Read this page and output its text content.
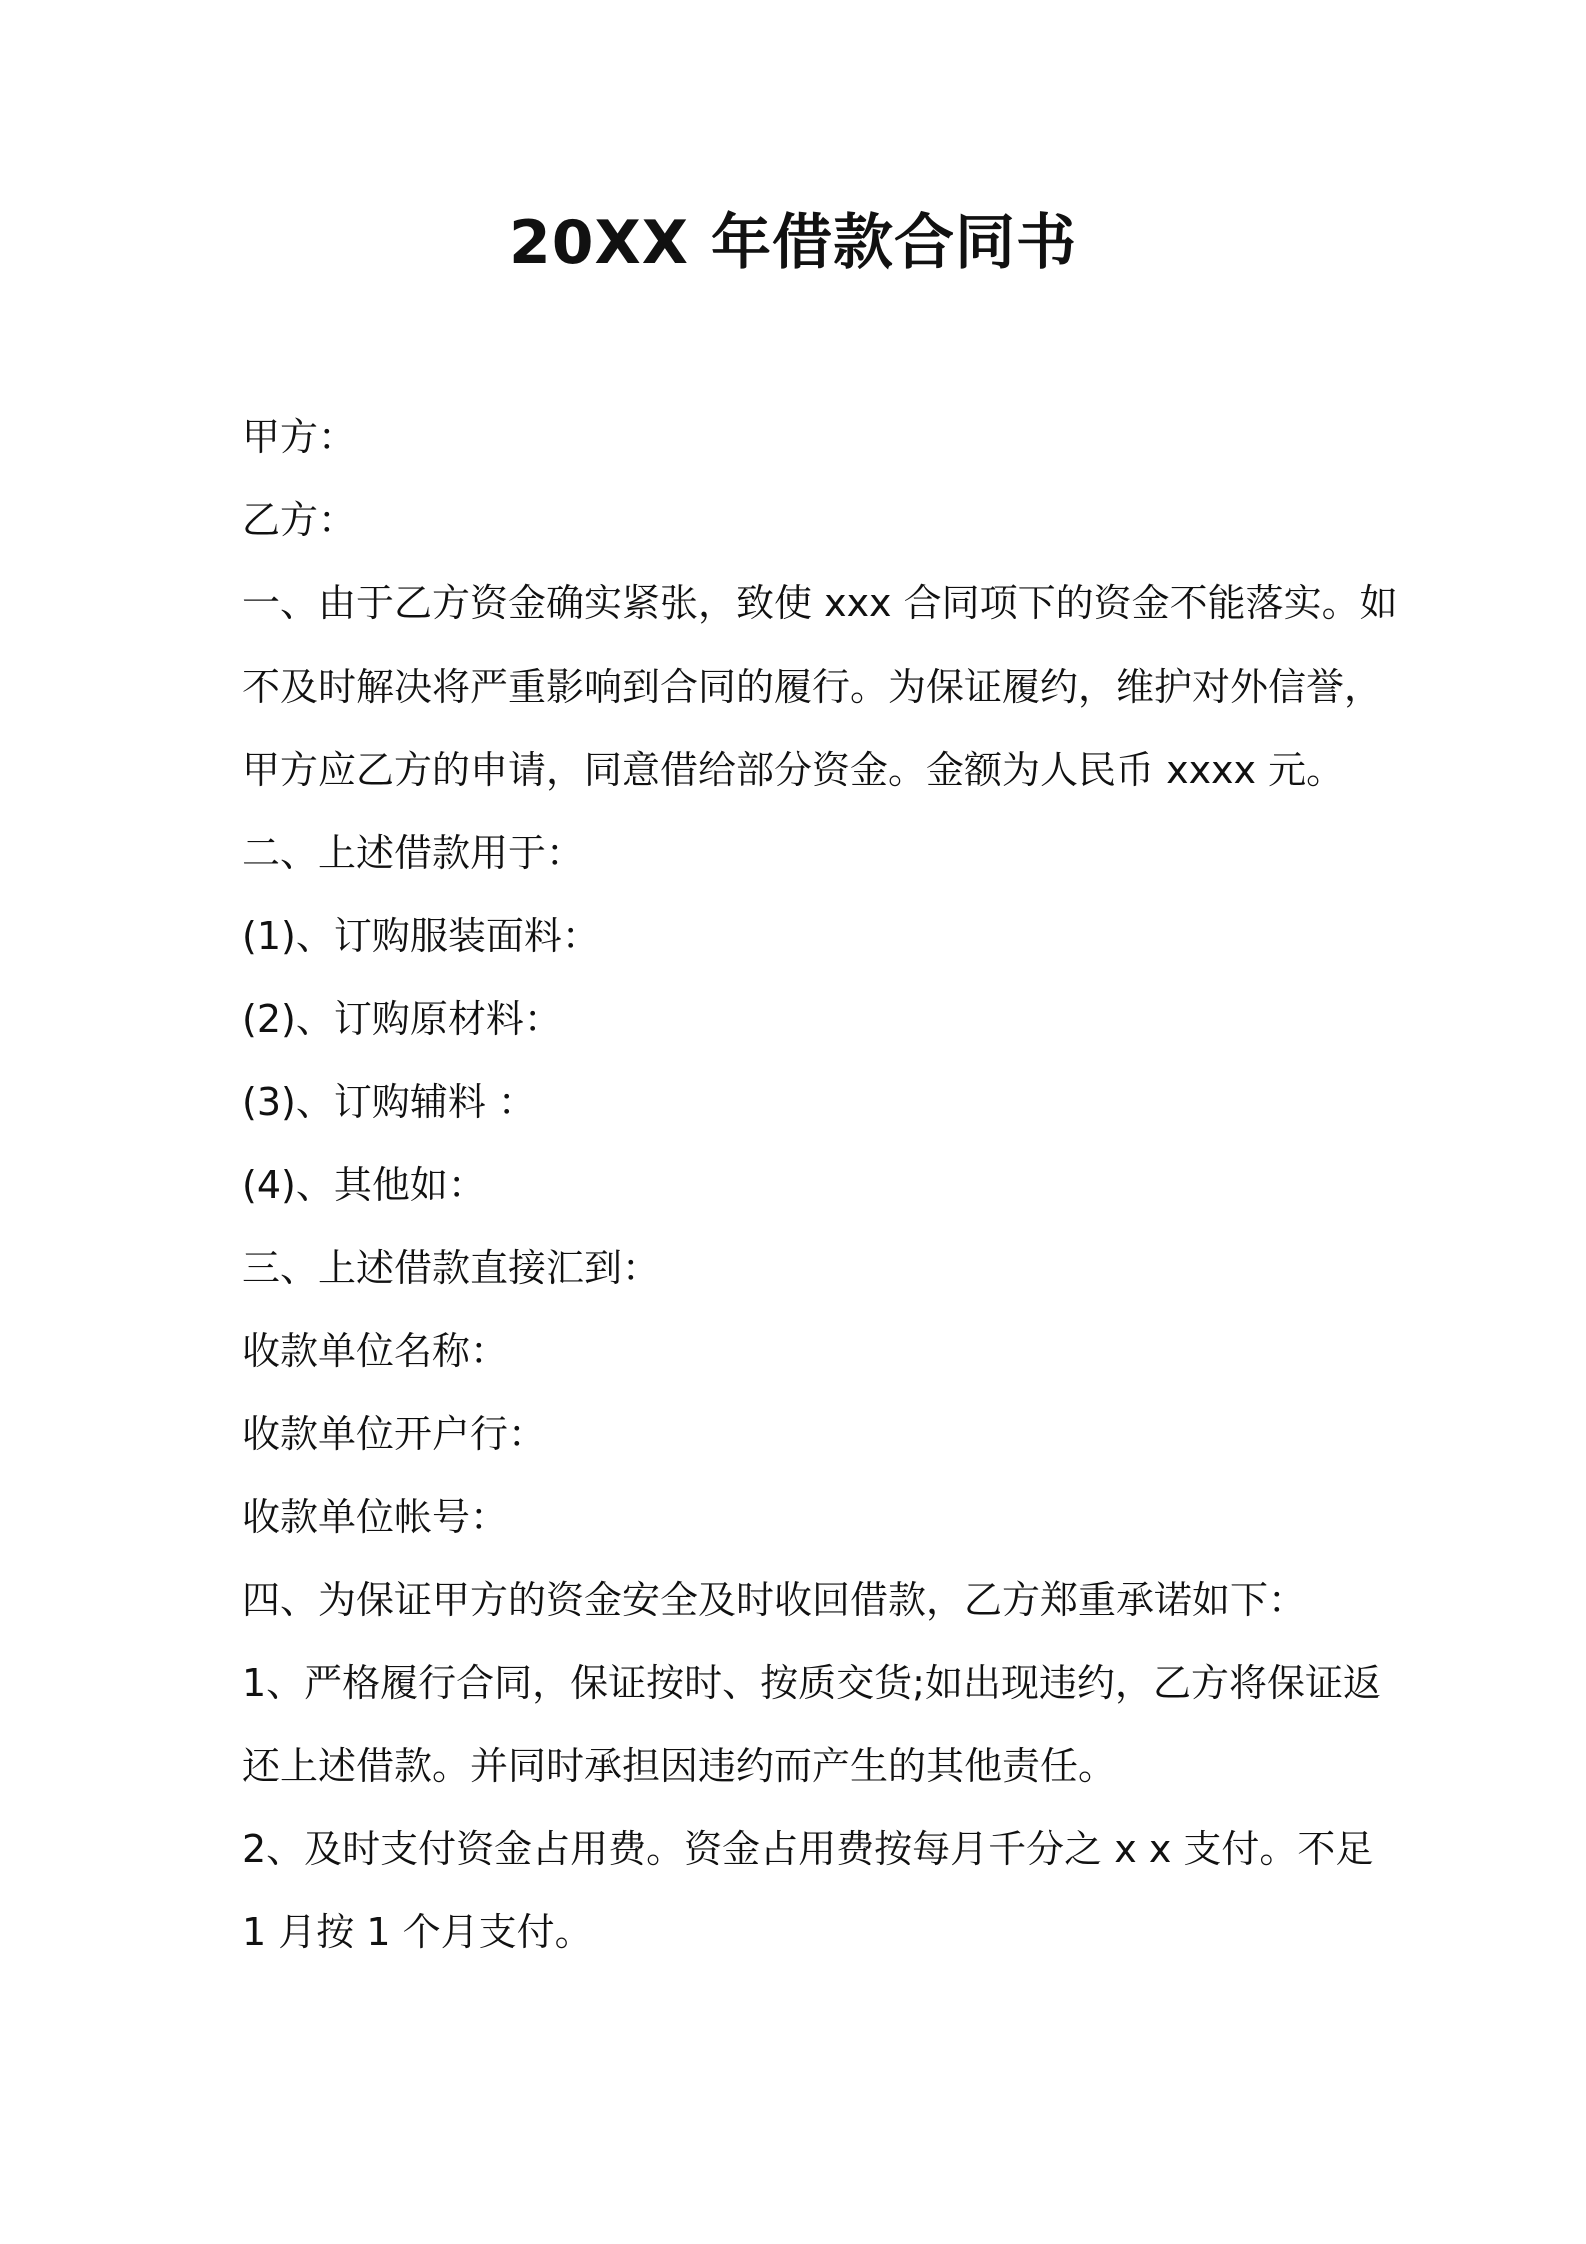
20XX 年借款合同书
甲方：
乙方：
一、由于乙方资金确实紧张，致使 xxx 合同项下的资金不能落实。如
不及时解决将严重影响到合同的履行。为保证履约，维护对外信誉，
甲方应乙方的申请，同意借给部分资金。金额为人民币 xxxx 元。
二、上述借款用于：
(1)、订购服装面料：
(2)、订购原材料：
(3)、订购辅料 ：
(4)、其他如：
三、上述借款直接汇到：
收款单位名称：
收款单位开户行：
收款单位帐号：
四、为保证甲方的资金安全及时收回借款，乙方郑重承诺如下：
1、严格履行合同，保证按时、按质交货;如出现违约，乙方将保证返
还上述借款。并同时承担因违约而产生的其他责任。
2、及时支付资金占用费。资金占用费按每月千分之 x x 支付。不足
1 月按 1 个月支付。
